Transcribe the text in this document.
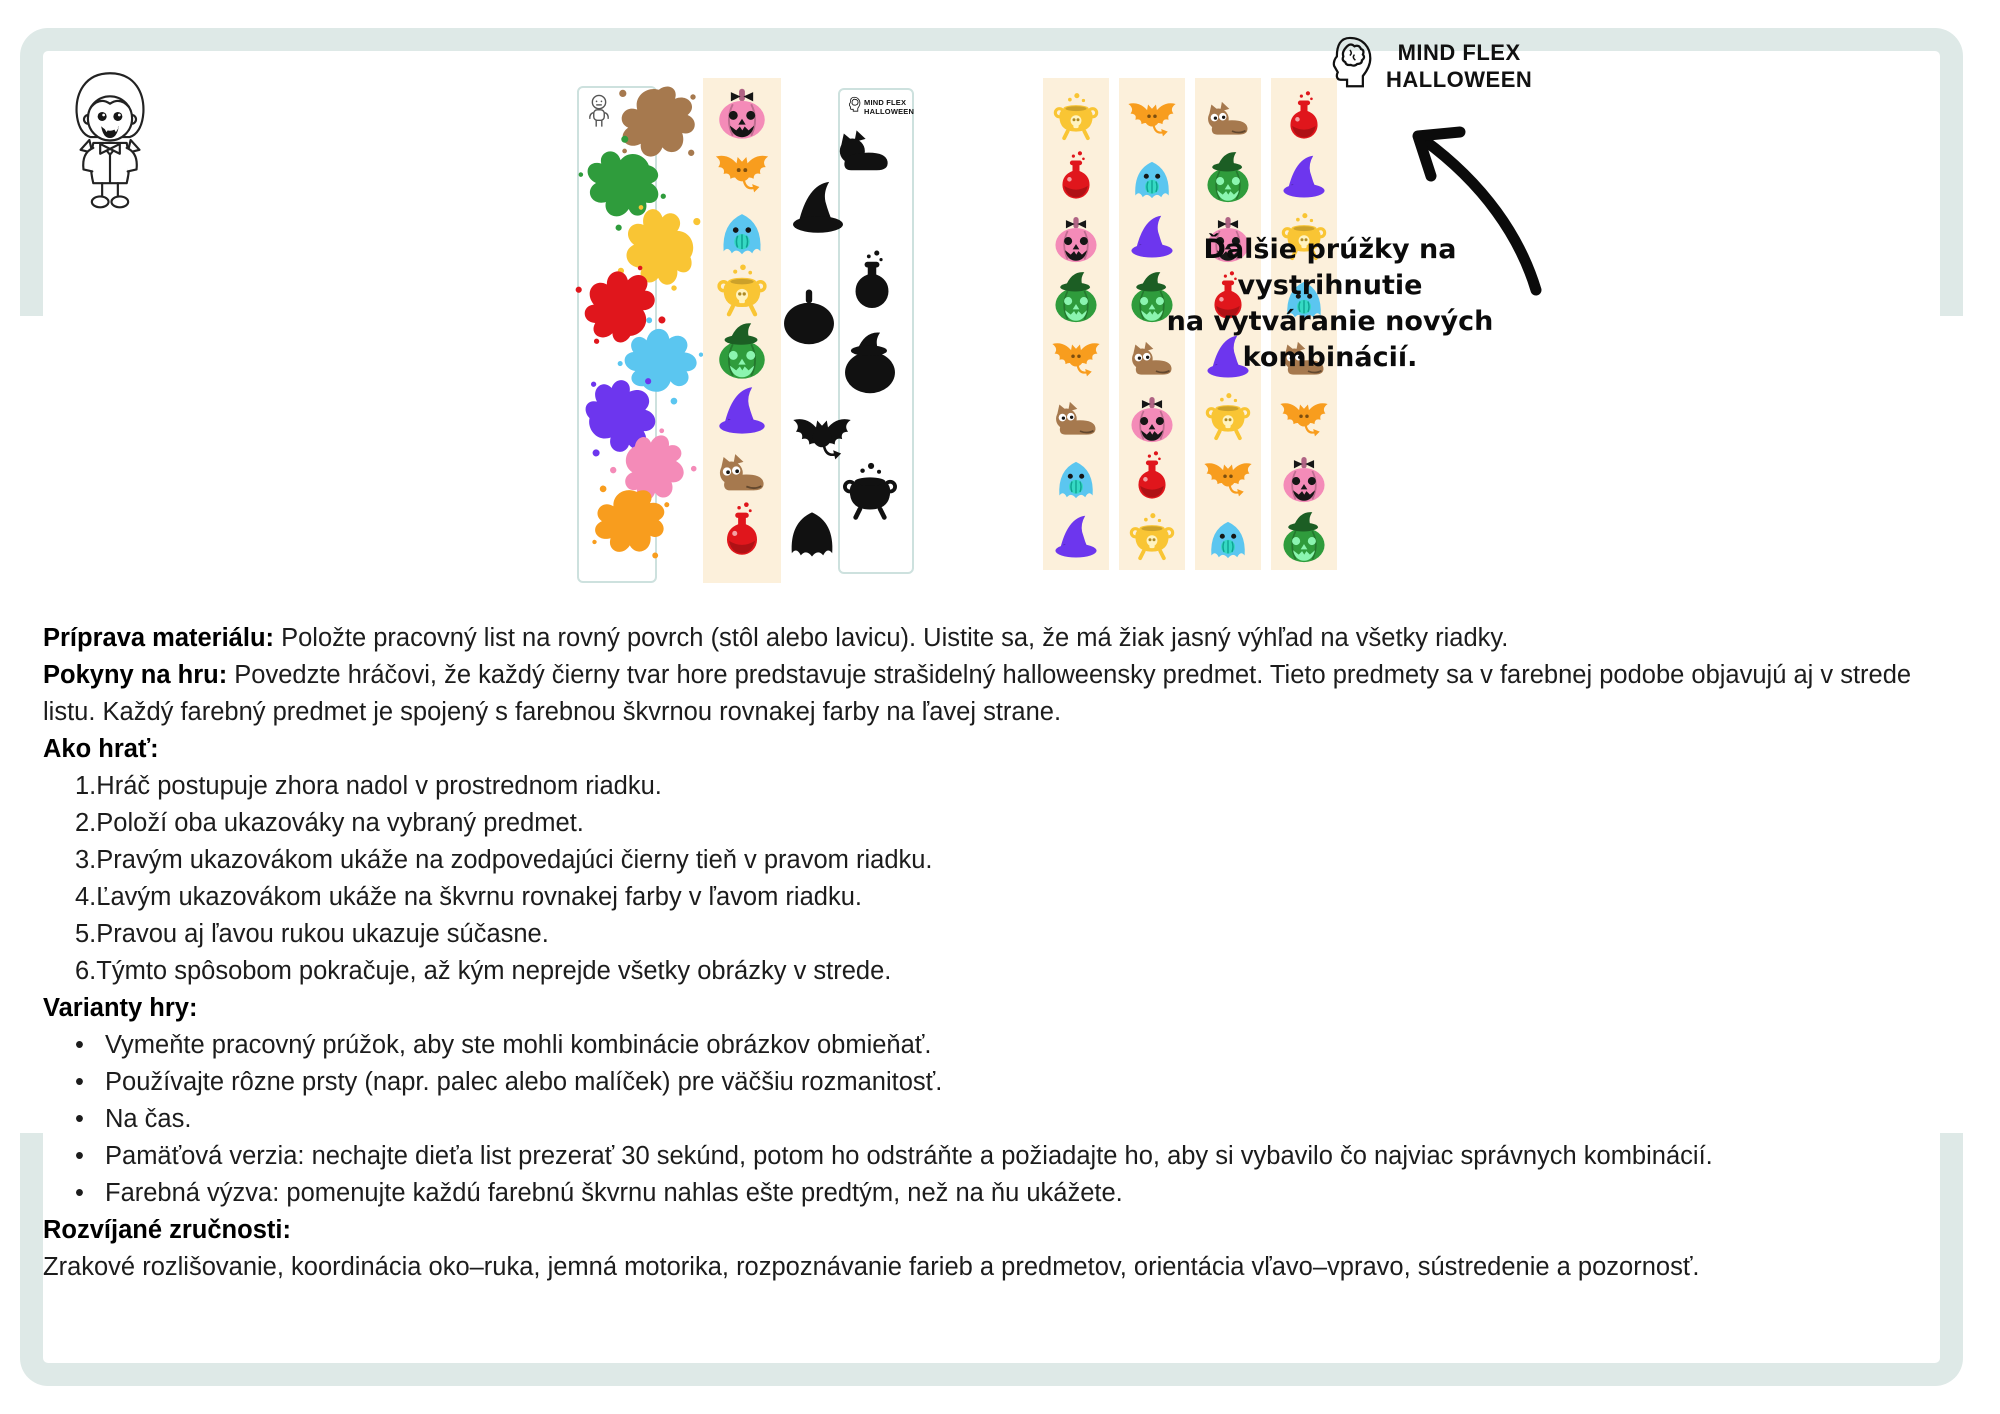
MIND FLEX
HALLOWEEN
MIND FLEX
HALLOWEEN
Ďalšie prúžky na vystrihnutie
na vytváranie nových
kombinácií.
Príprava materiálu: Položte pracovný list na rovný povrch (stôl alebo lavicu). Uistite sa, že má žiak jasný výhľad na všetky riadky.
Pokyny na hru: Povedzte hráčovi, že každý čierny tvar hore predstavuje strašidelný halloweensky predmet. Tieto predmety sa v farebnej podobe objavujú aj v strede listu. Každý farebný predmet je spojený s farebnou škvrnou rovnakej farby na ľavej strane.
Ako hrať:
1.Hráč postupuje zhora nadol v prostrednom riadku.
2.Položí oba ukazováky na vybraný predmet.
3.Pravým ukazovákom ukáže na zodpovedajúci čierny tieň v pravom riadku.
4.Ľavým ukazovákom ukáže na škvrnu rovnakej farby v ľavom riadku.
5.Pravou aj ľavou rukou ukazuje súčasne.
6.Týmto spôsobom pokračuje, až kým neprejde všetky obrázky v strede.
Varianty hry:
• Vymeňte pracovný prúžok, aby ste mohli kombinácie obrázkov obmieňať.
• Používajte rôzne prsty (napr. palec alebo malíček) pre väčšiu rozmanitosť.
• Na čas.
• Pamäťová verzia: nechajte dieťa list prezerať 30 sekúnd, potom ho odstráňte a požiadajte ho, aby si vybavilo čo najviac správnych kombinácií.
• Farebná výzva: pomenujte každú farebnú škvrnu nahlas ešte predtým, než na ňu ukážete.
Rozvíjané zručnosti:
Zrakové rozlišovanie, koordinácia oko–ruka, jemná motorika, rozpoznávanie farieb a predmetov, orientácia vľavo–vpravo, sústredenie a pozornosť.
